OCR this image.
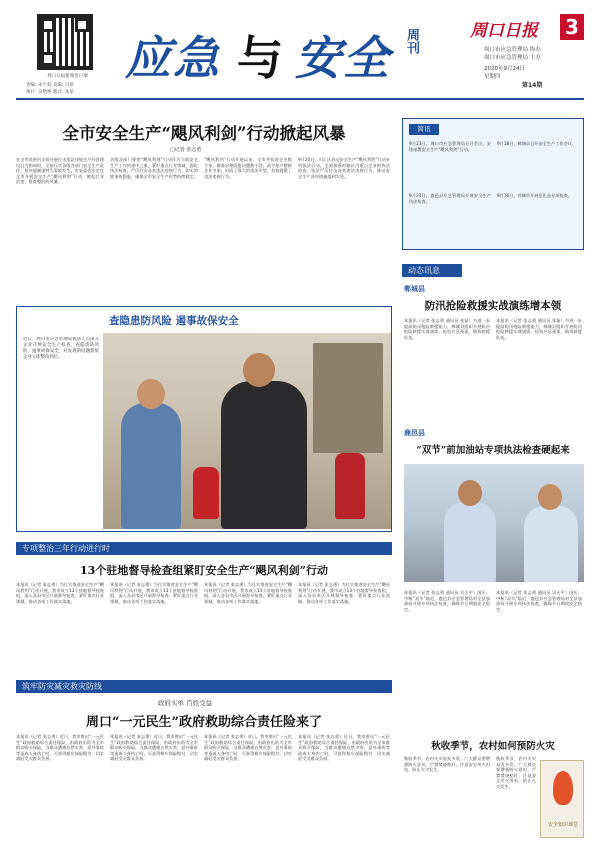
周口日报新闻客户端
责编: 朱宇彩 美编: 吕滨
执行: 吴艳艳 版式: 张星
应急 与 安全 周刊	周口日报 3
周口市应急管理局 协办
周口市应急管理局 主办
2020年9月24日
星期四
第14期
全市安全生产“飓风利剑”行动掀起风暴
□记者 张志勇
在全市范围内全面开展打击违法违规生产经营建设行为的同时，全面压实各级各部门安全生产责任，坚决遏制重特大事故发生。市安委会决定在全市开展安全生产“飓风利剑”行动，掀起打非治违、排查整治的风暴。
各级各部门要把“飓风利剑”行动作为当前安全生产工作的重中之重，紧盯重点行业领域，强化执法检查，严厉打击各类违法违规行为，切实消除事故隐患，确保全市安全生产形势持续稳定。
“飓风利剑”行动开展以来，全市共检查企业数千家，排查治理隐患问题数千处，责令停产整顿企业多家，形成了强大的执法声势，有效震慑了违法违规行为。
9月20日，川汇区启动安全生产“飓风利剑”行动专项执法行动，全面加强对辖区内重点企业的执法检查，依法严厉打击各类违法违规行为，推动安全生产各项措施落到实处。
查隐患防风险 遏事故保安全
近日，周口市应急管理局执法人员深入企业开展安全生产检查，查隐患防风险，遏事故保安全，对发现的问题督促企业立即整改到位。
专项整治三年行动进行时
13个驻地督导检查组紧盯安全生产“飓风利剑”行动
本报讯（记者 张志勇）为扎实推进安全生产“飓风利剑”行动开展，我市成立13个驻地督导检查组，深入各县市区开展督导检查，紧盯重点行业领域，推动各项工作落实落地。
本报讯（记者 张志勇）为扎实推进安全生产“飓风利剑”行动开展，我市成立13个驻地督导检查组，深入各县市区开展督导检查，紧盯重点行业领域，推动各项工作落实落地。
本报讯（记者 张志勇）为扎实推进安全生产“飓风利剑”行动开展，我市成立13个驻地督导检查组，深入各县市区开展督导检查，紧盯重点行业领域，推动各项工作落实落地。
本报讯（记者 张志勇）为扎实推进安全生产“飓风利剑”行动开展，我市成立13个驻地督导检查组，深入各县市区开展督导检查，紧盯重点行业领域，推动各项工作落实落地。
筑牢防灾减灾救灾防线
政府买单 百姓受益
周口“一元民生”政府救助综合责任险来了
本报讯（记者 张志勇）近日，我市推出“一元民生”政府救助综合责任保险，由政府出资为全市群众购买保险，当群众遭遇自然灾害、意外事故等造成人身伤亡时，可获得相应保险赔付，切实减轻受灾群众负担。
本报讯（记者 张志勇）近日，我市推出“一元民生”政府救助综合责任保险，由政府出资为全市群众购买保险，当群众遭遇自然灾害、意外事故等造成人身伤亡时，可获得相应保险赔付，切实减轻受灾群众负担。
本报讯（记者 张志勇）近日，我市推出“一元民生”政府救助综合责任保险，由政府出资为全市群众购买保险，当群众遭遇自然灾害、意外事故等造成人身伤亡时，可获得相应保险赔付，切实减轻受灾群众负担。
本报讯（记者 张志勇）近日，我市推出“一元民生”政府救助综合责任保险，由政府出资为全市群众购买保险，当群众遭遇自然灾害、意外事故等造成人身伤亡时，可获得相应保险赔付，切实减轻受灾群众负担。
简讯
9月23日，周口市应急管理局召开会议，安排部署安全生产“飓风利剑”行动。
9月21日，鹿邑县应急管理局开展安全生产执法检查。
9月18日，郸城县召开安全生产工作会议。
9月16日，项城市开展危化品专项检查。
动态讯息
郸城县
防汛抢险救援实战演练增本领
本报讯（记者 张志勇 通讯员 张磊）为进一步提高防汛抢险救援能力，郸城县组织开展防汛抢险救援实战演练，检验应急预案，锻炼救援队伍。
本报讯（记者 张志勇 通讯员 张磊）为进一步提高防汛抢险救援能力，郸城县组织开展防汛抢险救援实战演练，检验应急预案，锻炼救援队伍。
鹿邑县
“双节”前加油站专项执法检查硬起来
本报讯（记者 张志勇 通讯员 吴天平）国庆、中秋“双节”临近，鹿邑县应急管理局对全县加油站开展专项执法检查，确保节日期间安全稳定。
本报讯（记者 张志勇 通讯员 吴天平）国庆、中秋“双节”临近，鹿邑县应急管理局对全县加油站开展专项执法检查，确保节日期间安全稳定。
秋收季节，农村如何预防火灾
秋收季节，农村火灾易发多发。广大群众要增强防火意识，严禁焚烧秸秆，注意安全用火用电，防止火灾发生。
秋收季节，农村火灾易发多发。广大群众要增强防火意识，严禁焚烧秸秆，注意安全用火用电，防止火灾发生。
安全知识课堂
